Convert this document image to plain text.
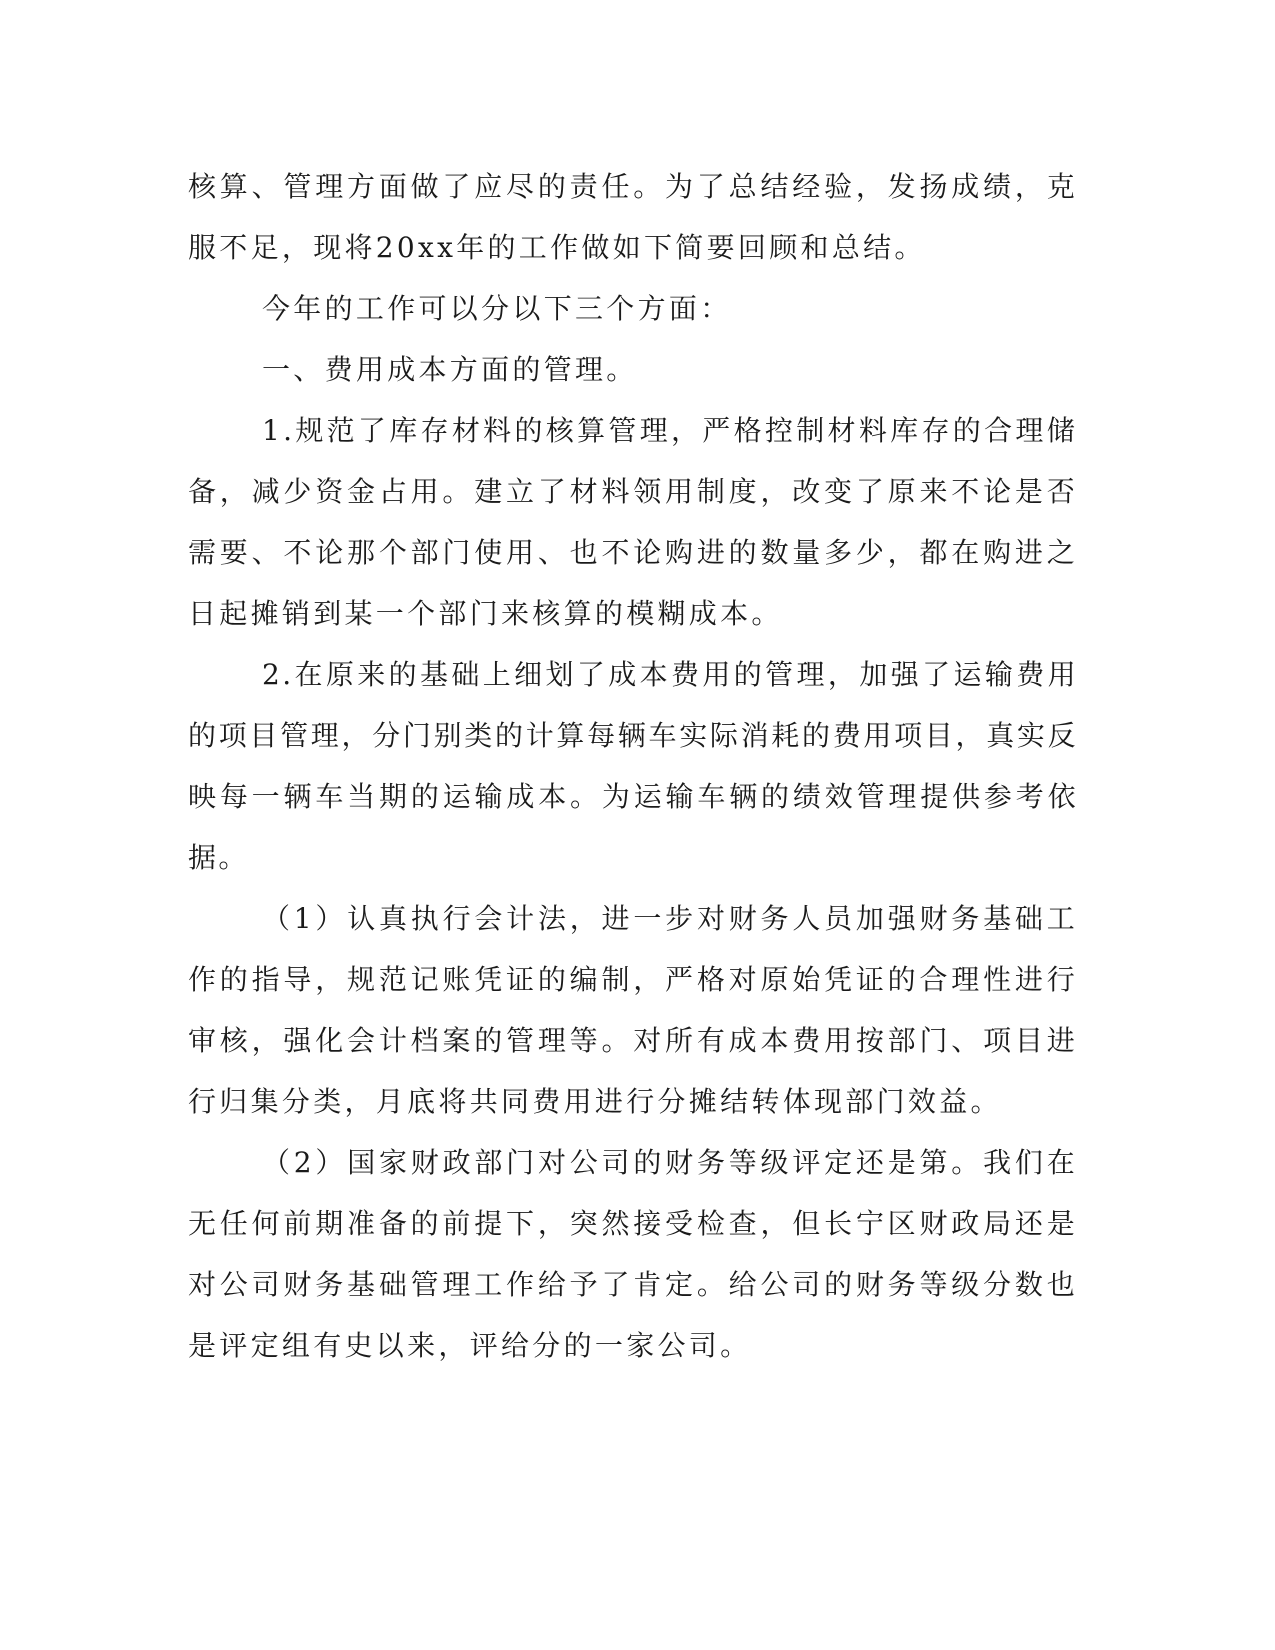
核算、管理方面做了应尽的责任。为了总结经验，发扬成绩，克服不足，现将20xx年的工作做如下简要回顾和总结。

今年的工作可以分以下三个方面：

一、费用成本方面的管理。

1.规范了库存材料的核算管理，严格控制材料库存的合理储备，减少资金占用。建立了材料领用制度，改变了原来不论是否需要、不论那个部门使用、也不论购进的数量多少，都在购进之日起摊销到某一个部门来核算的模糊成本。

2.在原来的基础上细划了成本费用的管理，加强了运输费用的项目管理，分门别类的计算每辆车实际消耗的费用项目，真实反映每一辆车当期的运输成本。为运输车辆的绩效管理提供参考依据。

（1）认真执行会计法，进一步对财务人员加强财务基础工作的指导，规范记账凭证的编制，严格对原始凭证的合理性进行审核，强化会计档案的管理等。对所有成本费用按部门、项目进行归集分类，月底将共同费用进行分摊结转体现部门效益。

（2）国家财政部门对公司的财务等级评定还是第。我们在无任何前期准备的前提下，突然接受检查，但长宁区财政局还是对公司财务基础管理工作给予了肯定。给公司的财务等级分数也是评定组有史以来，评给分的一家公司。
